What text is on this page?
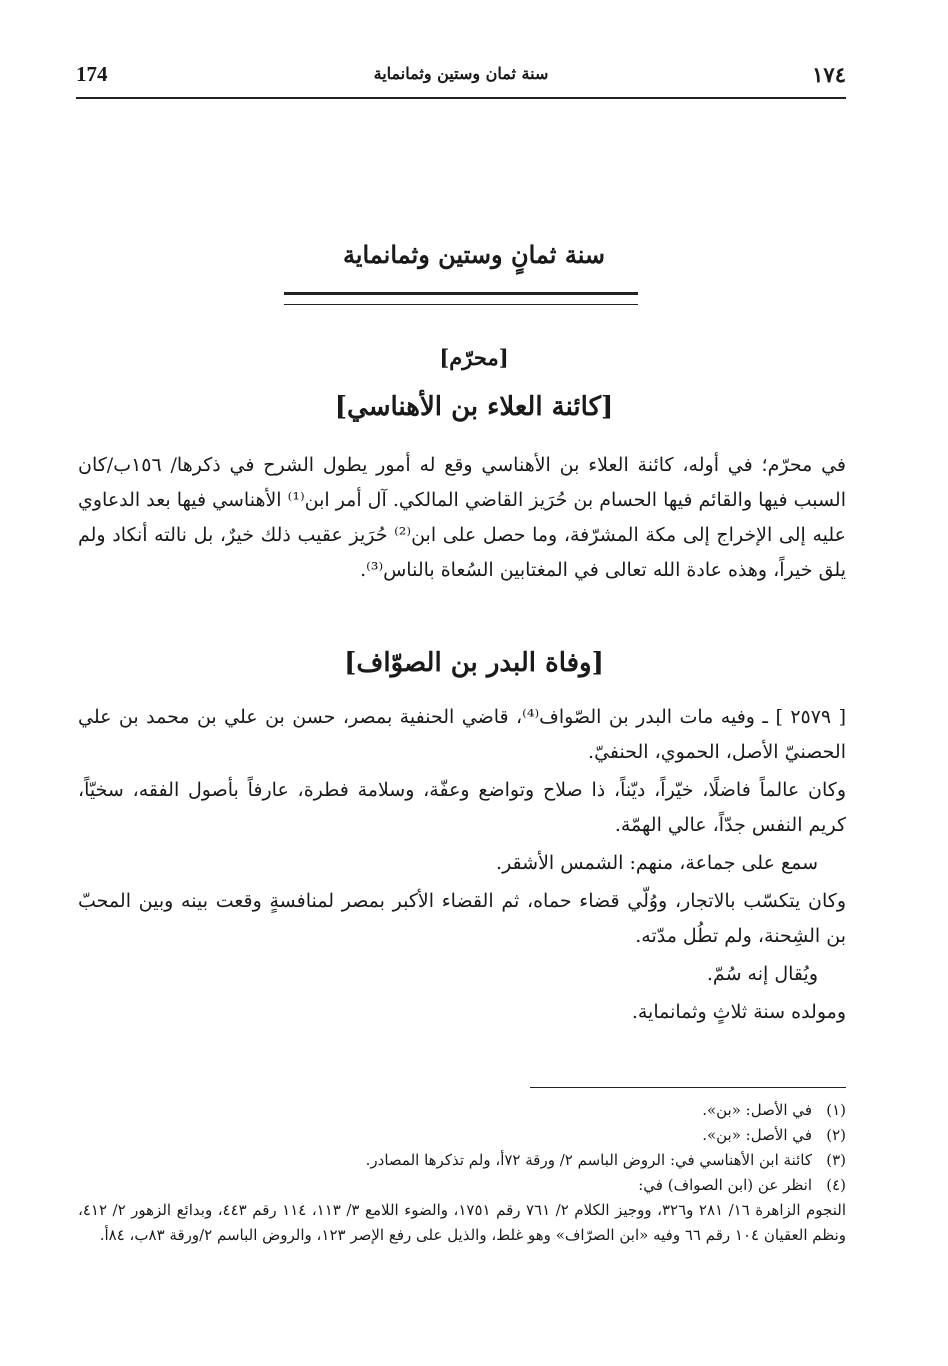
174	سنة ثمان وستين وثمانماية	١٧٤
سنة ثمانٍ وستين وثمانماية
[محرّم]
[كائنة العلاء بن الأهناسي]

في محرّم؛ في أوله، كائنة العلاء بن الأهناسي وقع له أمور يطول الشرح في ذكرها/ ١٥٦ب/كان السبب فيها والقائم فيها الحسام بن حُرَيز القاضي المالكي. آل أمر ابن⁽¹⁾ الأهناسي فيها بعد الدعاوي عليه إلى الإخراج إلى مكة المشرّفة، وما حصل على ابن⁽²⁾ حُرَيز عقيب ذلك خيرٌ، بل نالته أنكاد ولم يلق خيراً، وهذه عادة الله تعالى في المغتابين السُعاة بالناس⁽³⁾.

[وفاة البدر بن الصوّاف]

[ ٢٥٧٩ ] ـ وفيه مات البدر بن الصّواف⁽⁴⁾، قاضي الحنفية بمصر، حسن بن علي بن محمد بن علي الحصنيّ الأصل، الحموي، الحنفيّ.

وكان عالماً فاضلًا، خيّراً، ديّناً، ذا صلاح وتواضع وعفّة، وسلامة فطرة، عارفاً بأصول الفقه، سخيّاً، كريم النفس جدّاً، عالي الهمّة.

سمع على جماعة، منهم: الشمس الأشقر.

وكان يتكسّب بالاتجار، ووُلّي قضاء حماه، ثم القضاء الأكبر بمصر لمنافسةٍ وقعت بينه وبين المحبّ بن الشِحنة، ولم تطُل مدّته.

ويُقال إنه سُمّ.

ومولده سنة ثلاثٍ وثمانماية.

(١)في الأصل: «بن».

(٢)في الأصل: «بن».

(٣)كائنة ابن الأهناسي في: الروض الباسم ٢/ ورقة ٧٢أ، ولم تذكرها المصادر.

(٤)انظر عن (ابن الصواف) في:

النجوم الزاهرة ١٦/ ٢٨١ و٣٢٦، ووجيز الكلام ٢/ ٧٦١ رقم ١٧٥١، والضوء اللامع ٣/ ١١٣، ١١٤ رقم ٤٤٣، وبدائع الزهور ٢/ ٤١٢، ونظم العقيان ١٠٤ رقم ٦٦ وفيه «ابن الصرّاف» وهو غلط، والذيل على رفع الإصر ١٢٣، والروض الباسم ٢/ورقة ٨٣ب، ٨٤أ.
